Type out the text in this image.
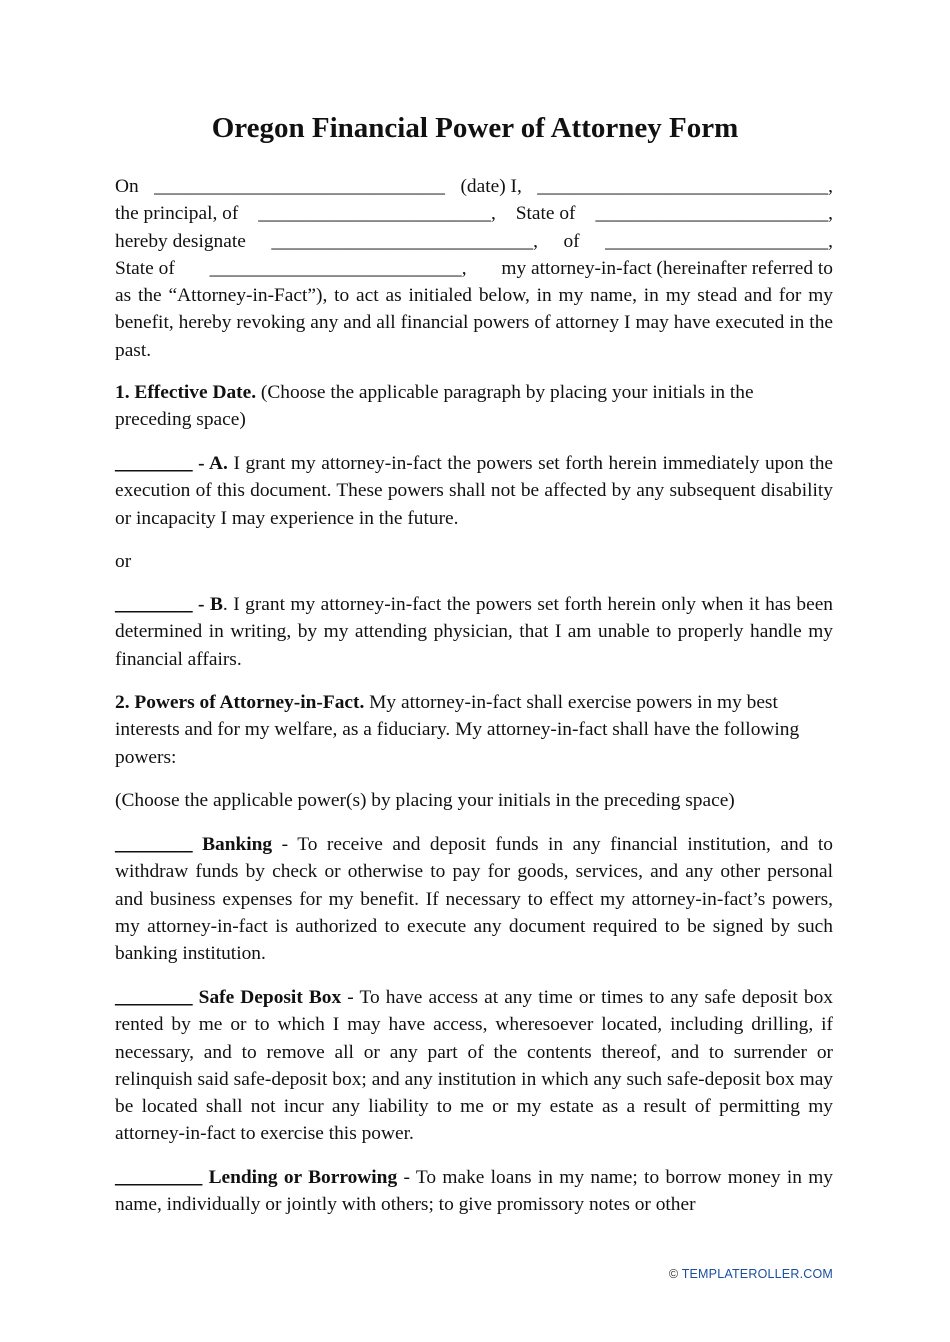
Oregon Financial Power of Attorney Form
On ______________________________ (date) I, ______________________________,
the principal, of ________________________, State of ________________________,
hereby designate ___________________________, of _______________________,
State of __________________________, my attorney-in-fact (hereinafter referred to

as the “Attorney-in-Fact”), to act as initialed below, in my name, in my stead and for my benefit, hereby revoking any and all financial powers of attorney I may have executed in the past.

1. Effective Date. (Choose the applicable paragraph by placing your initials in the preceding space)

________ - A. I grant my attorney-in-fact the powers set forth herein immediately upon the execution of this document. These powers shall not be affected by any subsequent disability or incapacity I may experience in the future.

or

________ - B. I grant my attorney-in-fact the powers set forth herein only when it has been determined in writing, by my attending physician, that I am unable to properly handle my financial affairs.

2. Powers of Attorney-in-Fact. My attorney-in-fact shall exercise powers in my best interests and for my welfare, as a fiduciary. My attorney-in-fact shall have the following powers:

(Choose the applicable power(s) by placing your initials in the preceding space)

________ Banking - To receive and deposit funds in any financial institution, and to withdraw funds by check or otherwise to pay for goods, services, and any other personal and business expenses for my benefit. If necessary to effect my attorney-in-fact’s powers, my attorney-in-fact is authorized to execute any document required to be signed by such banking institution.

________ Safe Deposit Box - To have access at any time or times to any safe deposit box rented by me or to which I may have access, wheresoever located, including drilling, if necessary, and to remove all or any part of the contents thereof, and to surrender or relinquish said safe-deposit box; and any institution in which any such safe-deposit box may be located shall not incur any liability to me or my estate as a result of permitting my attorney-in-fact to exercise this power.

_________ Lending or Borrowing - To make loans in my name; to borrow money in my name, individually or jointly with others; to give promissory notes or other

© TEMPLATEROLLER.COM
